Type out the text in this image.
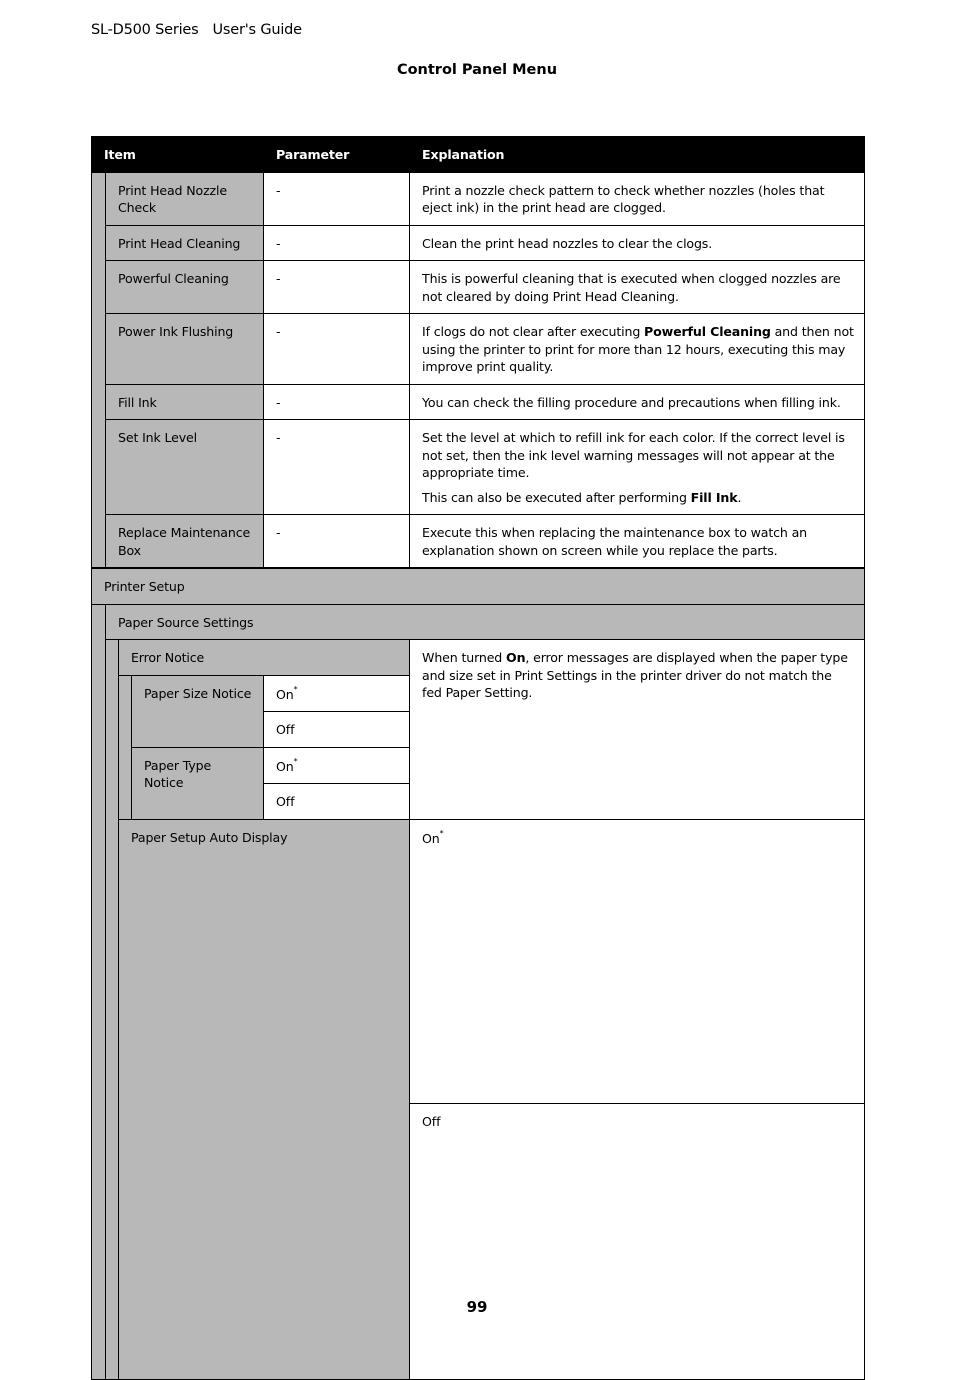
SL-D500 Series User's Guide
Control Panel Menu
Item				Parameter	Explanation	
	Print Head Nozzle Check			-	Print a nozzle check pattern to check whether nozzles (holes that eject ink) in the print head are clogged.	
	Print Head Cleaning			-	Clean the print head nozzles to clear the clogs.	
	Powerful Cleaning			-	This is powerful cleaning that is executed when clogged nozzles are not cleared by doing Print Head Cleaning.	
	Power Ink Flushing			-	If clogs do not clear after executing Powerful Cleaning and then not using the printer to print for more than 12 hours, executing this may improve print quality.	
	Fill Ink			-	You can check the filling procedure and precautions when filling ink.	
	Set Ink Level			-	Set the level at which to refill ink for each color. If the correct level is not set, then the ink level warning messages will not appear at the appropriate time.

This can also be executed after performing Fill Ink.	

	Replace Maintenance Box			-	Execute this when replacing the maintenance box to watch an explanation shown on screen while you replace the parts.	
Printer Setup						
	Paper Source Settings					
		Error Notice			When turned On, error messages are displayed when the paper type and size set in Print Settings in the printer driver do not match the fed Paper Setting.	
			Paper Size Notice	On*
				Off		
			Paper Type Notice	On*
				Off		
		Paper Setup Auto Display			On*	
					Off	
99
